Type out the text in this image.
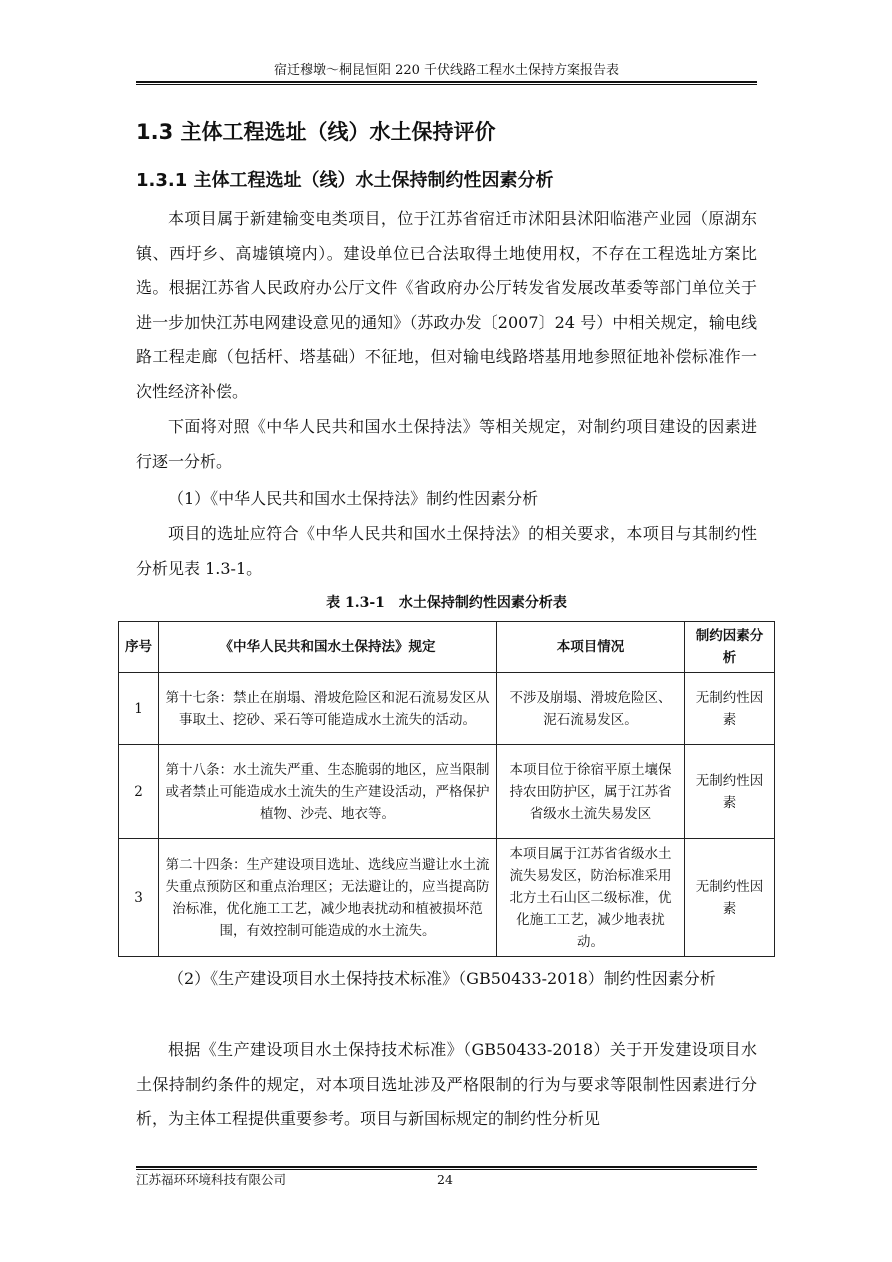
宿迁穆墩～桐昆恒阳 220 千伏线路工程水土保持方案报告表
1.3 主体工程选址（线）水土保持评价
1.3.1 主体工程选址（线）水土保持制约性因素分析

本项目属于新建输变电类项目，位于江苏省宿迁市沭阳县沭阳临港产业园（原湖东镇、西圩乡、高墟镇境内）。建设单位已合法取得土地使用权，不存在工程选址方案比选。根据江苏省人民政府办公厅文件《省政府办公厅转发省发展改革委等部门单位关于进一步加快江苏电网建设意见的通知》（苏政办发〔2007〕24 号）中相关规定，输电线路工程走廊（包括杆、塔基础）不征地，但对输电线路塔基用地参照征地补偿标准作一次性经济补偿。

下面将对照《中华人民共和国水土保持法》等相关规定，对制约项目建设的因素进行逐一分析。

（1）《中华人民共和国水土保持法》制约性因素分析

项目的选址应符合《中华人民共和国水土保持法》的相关要求，本项目与其制约性分析见表 1.3-1。

表 1.3-1　水土保持制约性因素分析表
序号	《中华人民共和国水土保持法》规定	本项目情况	制约因素分析
1	第十七条：禁止在崩塌、滑坡危险区和泥石流易发区从事取土、挖砂、采石等可能造成水土流失的活动。	不涉及崩塌、滑坡危险区、泥石流易发区。	无制约性因素
2	第十八条：水土流失严重、生态脆弱的地区，应当限制或者禁止可能造成水土流失的生产建设活动，严格保护植物、沙壳、地衣等。	本项目位于徐宿平原土壤保持农田防护区，属于江苏省省级水土流失易发区	无制约性因素
3	第二十四条：生产建设项目选址、选线应当避让水土流失重点预防区和重点治理区；无法避让的，应当提高防治标准，优化施工工艺，减少地表扰动和植被损坏范围，有效控制可能造成的水土流失。	本项目属于江苏省省级水土流失易发区，防治标准采用北方土石山区二级标准，优化施工工艺，减少地表扰动。	无制约性因素

（2）《生产建设项目水土保持技术标准》（GB50433-2018）制约性因素分析

根据《生产建设项目水土保持技术标准》（GB50433-2018）关于开发建设项目水土保持制约条件的规定，对本项目选址涉及严格限制的行为与要求等限制性因素进行分析，为主体工程提供重要参考。项目与新国标规定的制约性分析见

江苏福环环境科技有限公司	24
